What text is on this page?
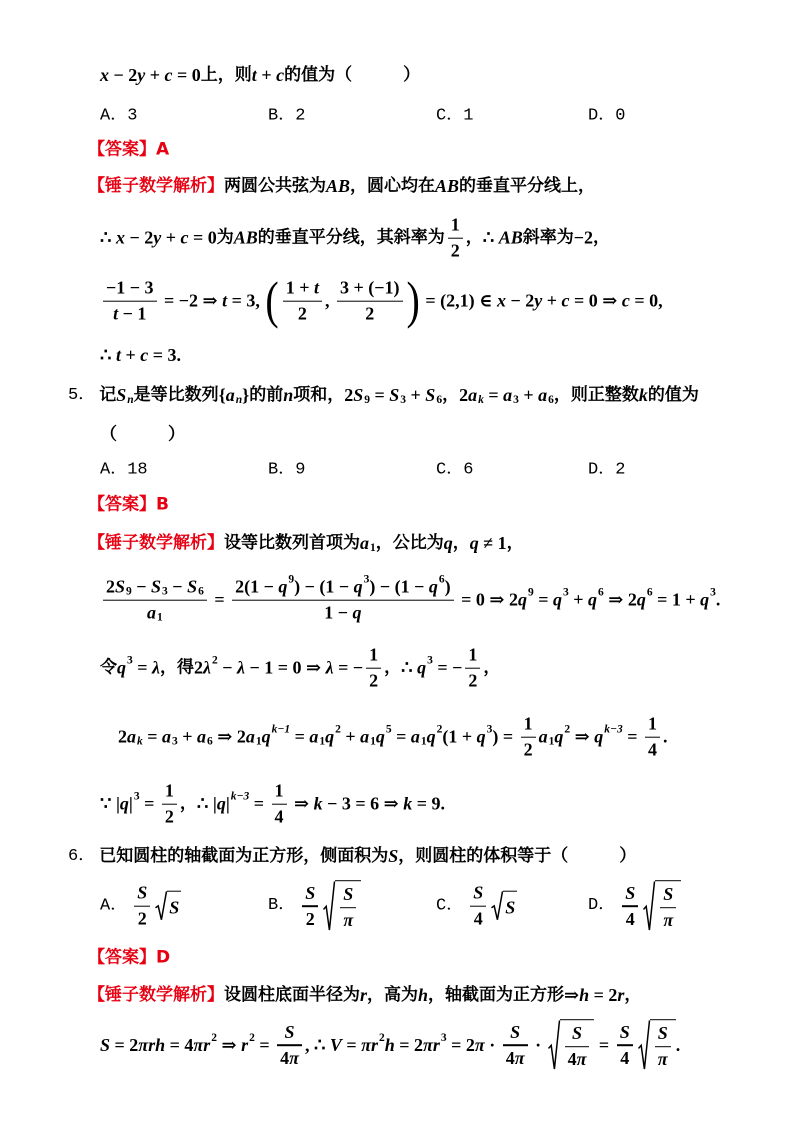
x − 2 y + c = 0 上，则 t + c 的值为（　　　）
A．3	B．2	C．1	D．0
【答案】A
【锤子数学解析】 两圆公共弦为 AB ，圆心均在 AB 的垂直平分线上，
∴ x − 2 y + c = 0 为 AB 的垂直平分线，其斜率为 $\frac{1}{2}$ ， ∴ AB 斜率为 −2 ，
$\frac{-1 - 3}{t - 1} = -2$ ⇒ t = 3, ( $\frac{1 + t}{2}$ , $\frac{3 + (-1)}{2}$ ) = (2,1) ∈ x − 2 y + c = 0 ⇒ c = 0,
∴ t + c = 3.
5． 记 S n 是等比数列 { a n } 的前 n 项和， 2 S 9 = S 3 + S 6 ， 2 a k = a 3 + a 6 ，则正整数 k 的值为
（　　　）
A．18	B．9	C．6	D．2
【答案】B
【锤子数学解析】 设等比数列首项为 a 1 ，公比为 q ， q ≠ 1 ，
$\frac{2 S 9 - S 3 - S 6}{a 1} = \frac{2(1 - q 9 ) - (1 - q 3 ) - (1 - q 6 )}{1 - q} = 0$ ⇒ 2 q 9 = q 3 + q 6 ⇒ 2 q 6 = 1 + q 3 .
令 q 3 = λ ，得 2 λ 2 − λ − 1 = 0 ⇒ λ = − $\frac{1}{2}$ ， ∴ q 3 = − $\frac{1}{2}$ ，
2 a k = a 3 + a 6 ⇒ 2 a 1 q k−1 = a 1 q 2 + a 1 q 5 = a 1 q 2 (1 + q 3 ) = $\frac{1}{2}$ a 1 q 2 ⇒ q $k-3 = \frac{1}{4}$ .
∵ | q | $3 = \frac{1}{2}$ ， ∴ | q | $k-3 = \frac{1}{4}$ ⇒ k − 3 = 6 ⇒ k = 9.
6． 已知圆柱的轴截面为正方形，侧面积为 S ，则圆柱的体积等于（　　　）
A． $\frac{S}{2}$ S	B． $\frac{S}{2} \frac{S}{\pi}$	C． $\frac{S}{4}$ S	D． $\frac{S}{4} \frac{S}{\pi}$
【答案】D
【锤子数学解析】 设圆柱底面半径为 r ，高为 h ，轴截面为正方形 ⇒ h = 2 r ，
S = 2 πrh = 4 πr 2 ⇒ r $2 = \frac{S}{4 \pi}$ , ∴ V = πr 2 h = 2 πr 3 = 2 $\pi \cdot \frac{S}{4 \pi} \cdot \frac{S}{4 \pi} = \frac{S}{4} \frac{S}{\pi}$ .
